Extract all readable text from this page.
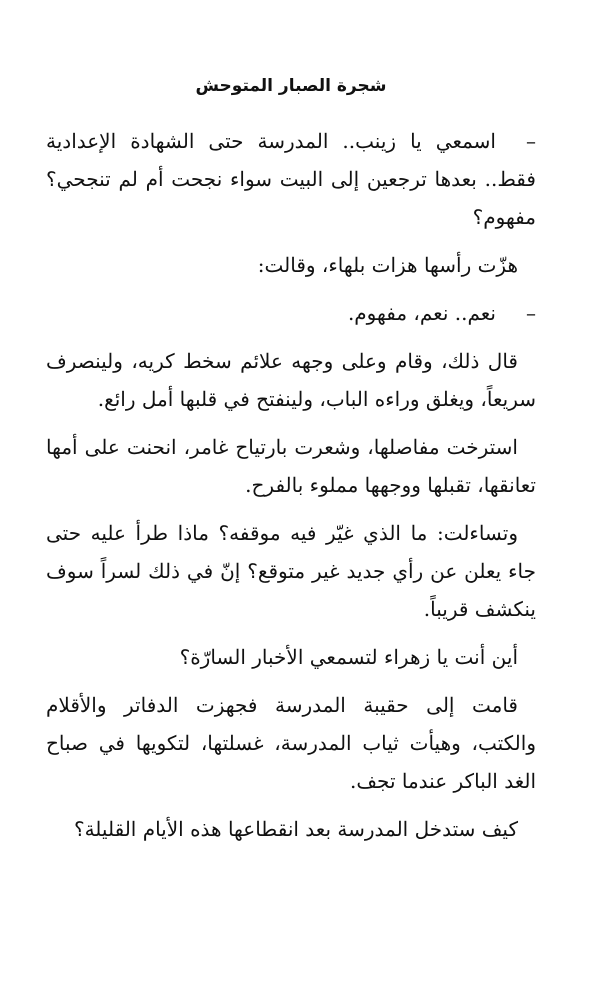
شجرة الصبار المتوحش

–اسمعي يا زينب.. المدرسة حتى الشهادة الإعدادية فقط.. بعدها ترجعين إلى البيت سواء نجحت أم لم تنجحي؟ مفهوم؟

هزّت رأسها هزات بلهاء، وقالت:

–نعم.. نعم، مفهوم.

قال ذلك، وقام وعلى وجهه علائم سخط كريه، ولينصرف سريعاً، ويغلق وراءه الباب، ولينفتح في قلبها أمل رائع.

استرخت مفاصلها، وشعرت بارتياح غامر، انحنت على أمها تعانقها، تقبلها ووجهها مملوء بالفرح.

وتساءلت: ما الذي غيّر فيه موقفه؟ ماذا طرأ عليه حتى جاء يعلن عن رأي جديد غير متوقع؟ إنّ في ذلك لسراً سوف ينكشف قريباً.

أين أنت يا زهراء لتسمعي الأخبار السارّة؟

قامت إلى حقيبة المدرسة فجهزت الدفاتر والأقلام والكتب، وهيأت ثياب المدرسة، غسلتها، لتكويها في صباح الغد الباكر عندما تجف.

كيف ستدخل المدرسة بعد انقطاعها هذه الأيام القليلة؟
